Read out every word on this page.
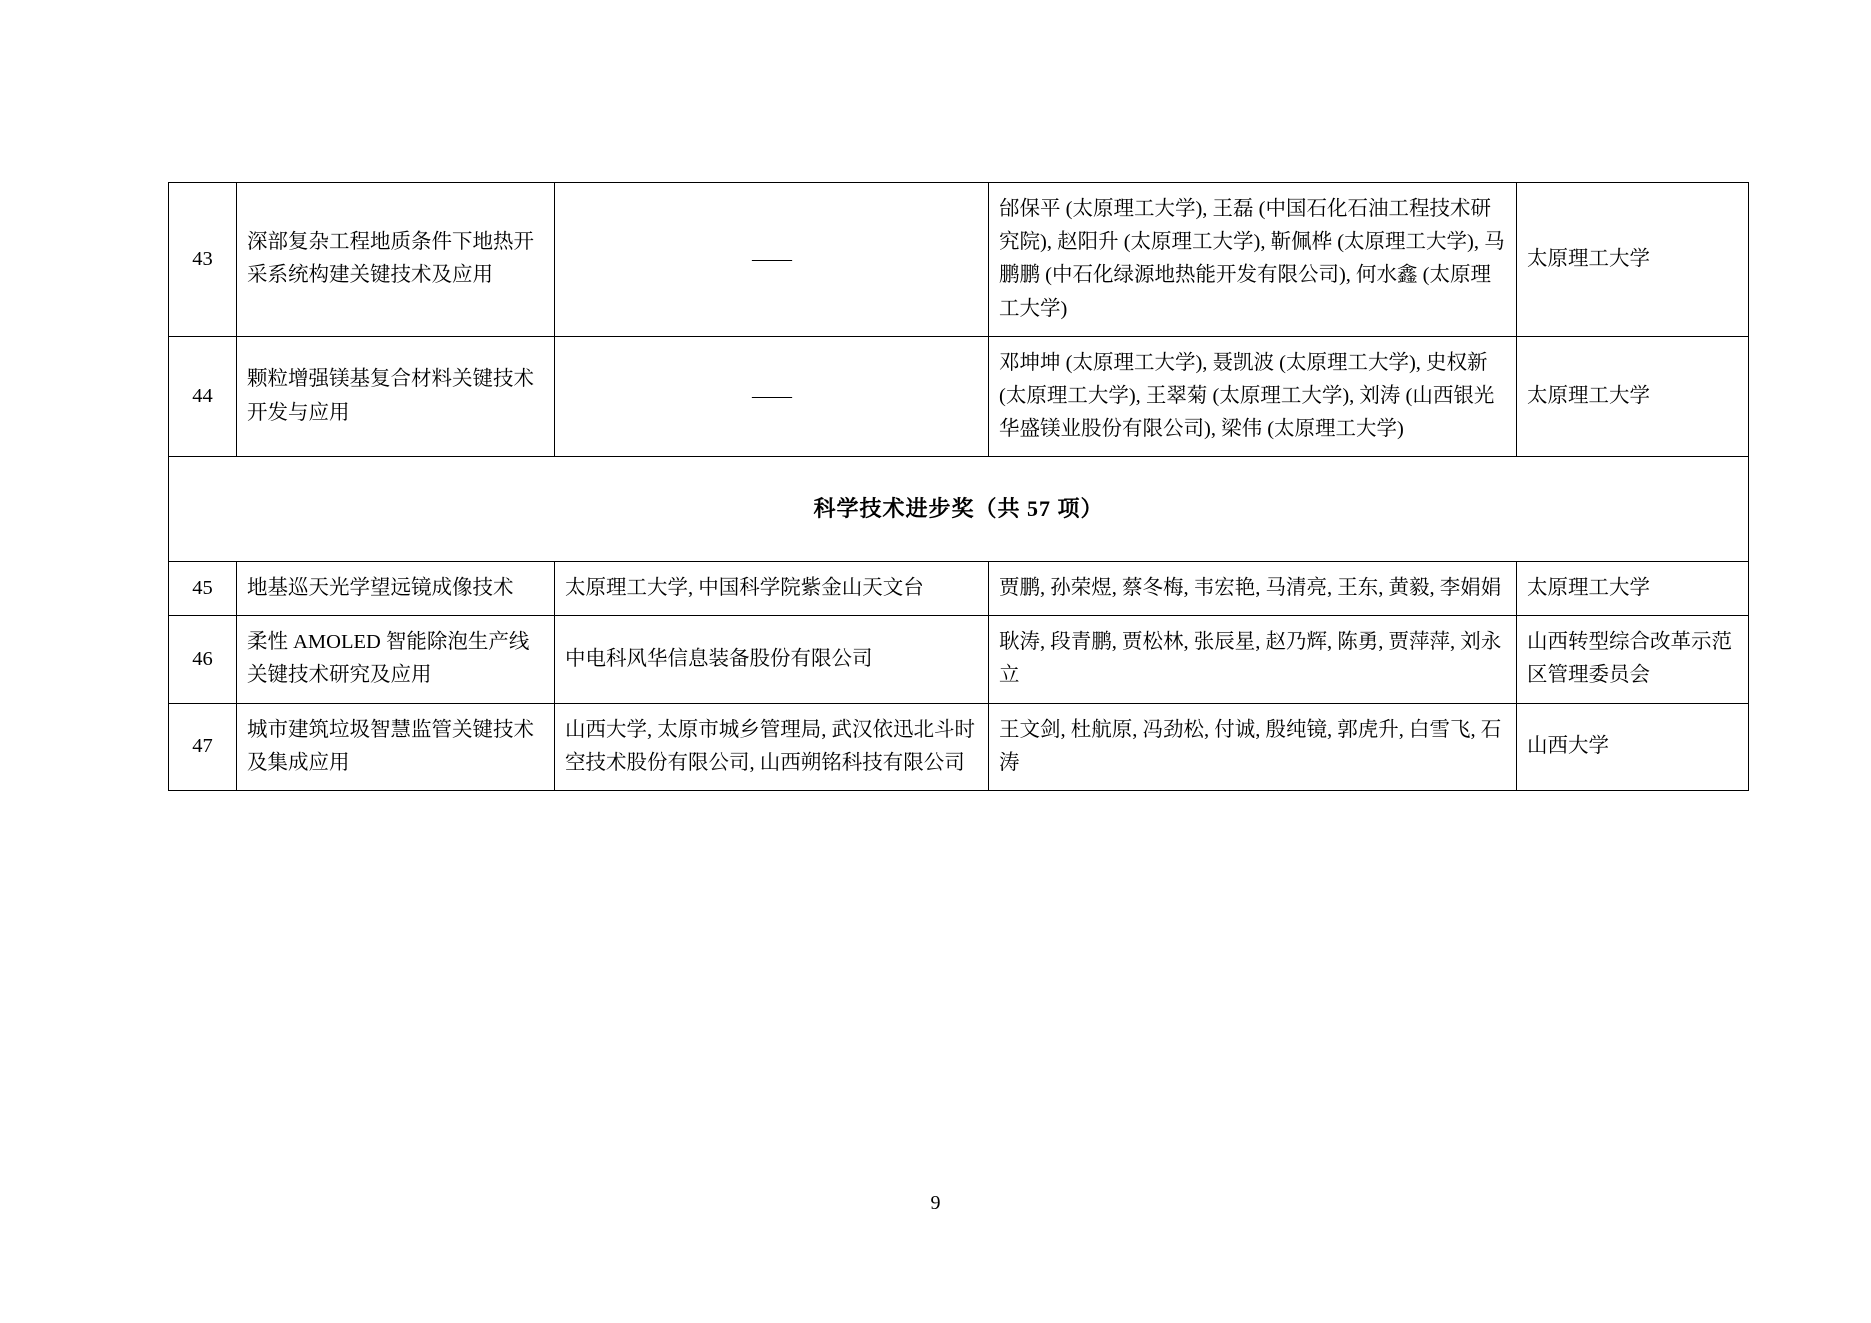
43	深部复杂工程地质条件下地热开采系统构建关键技术及应用	——	邰保平 (太原理工大学), 王磊 (中国石化石油工程技术研究院), 赵阳升 (太原理工大学), 靳佩桦 (太原理工大学), 马鹏鹏 (中石化绿源地热能开发有限公司), 何水鑫 (太原理工大学)	太原理工大学
44	颗粒增强镁基复合材料关键技术开发与应用	——	邓坤坤 (太原理工大学), 聂凯波 (太原理工大学), 史权新 (太原理工大学), 王翠菊 (太原理工大学), 刘涛 (山西银光华盛镁业股份有限公司), 梁伟 (太原理工大学)	太原理工大学
科学技术进步奖（共 57 项）				
45	地基巡天光学望远镜成像技术	太原理工大学, 中国科学院紫金山天文台	贾鹏, 孙荣煜, 蔡冬梅, 韦宏艳, 马清亮, 王东, 黄毅, 李娟娟	太原理工大学
46	柔性 AMOLED 智能除泡生产线关键技术研究及应用	中电科风华信息装备股份有限公司	耿涛, 段青鹏, 贾松林, 张辰星, 赵乃辉, 陈勇, 贾萍萍, 刘永立	山西转型综合改革示范区管理委员会
47	城市建筑垃圾智慧监管关键技术及集成应用	山西大学, 太原市城乡管理局, 武汉依迅北斗时空技术股份有限公司, 山西朔铭科技有限公司	王文剑, 杜航原, 冯劲松, 付诚, 殷纯镜, 郭虎升, 白雪飞, 石涛	山西大学
9
